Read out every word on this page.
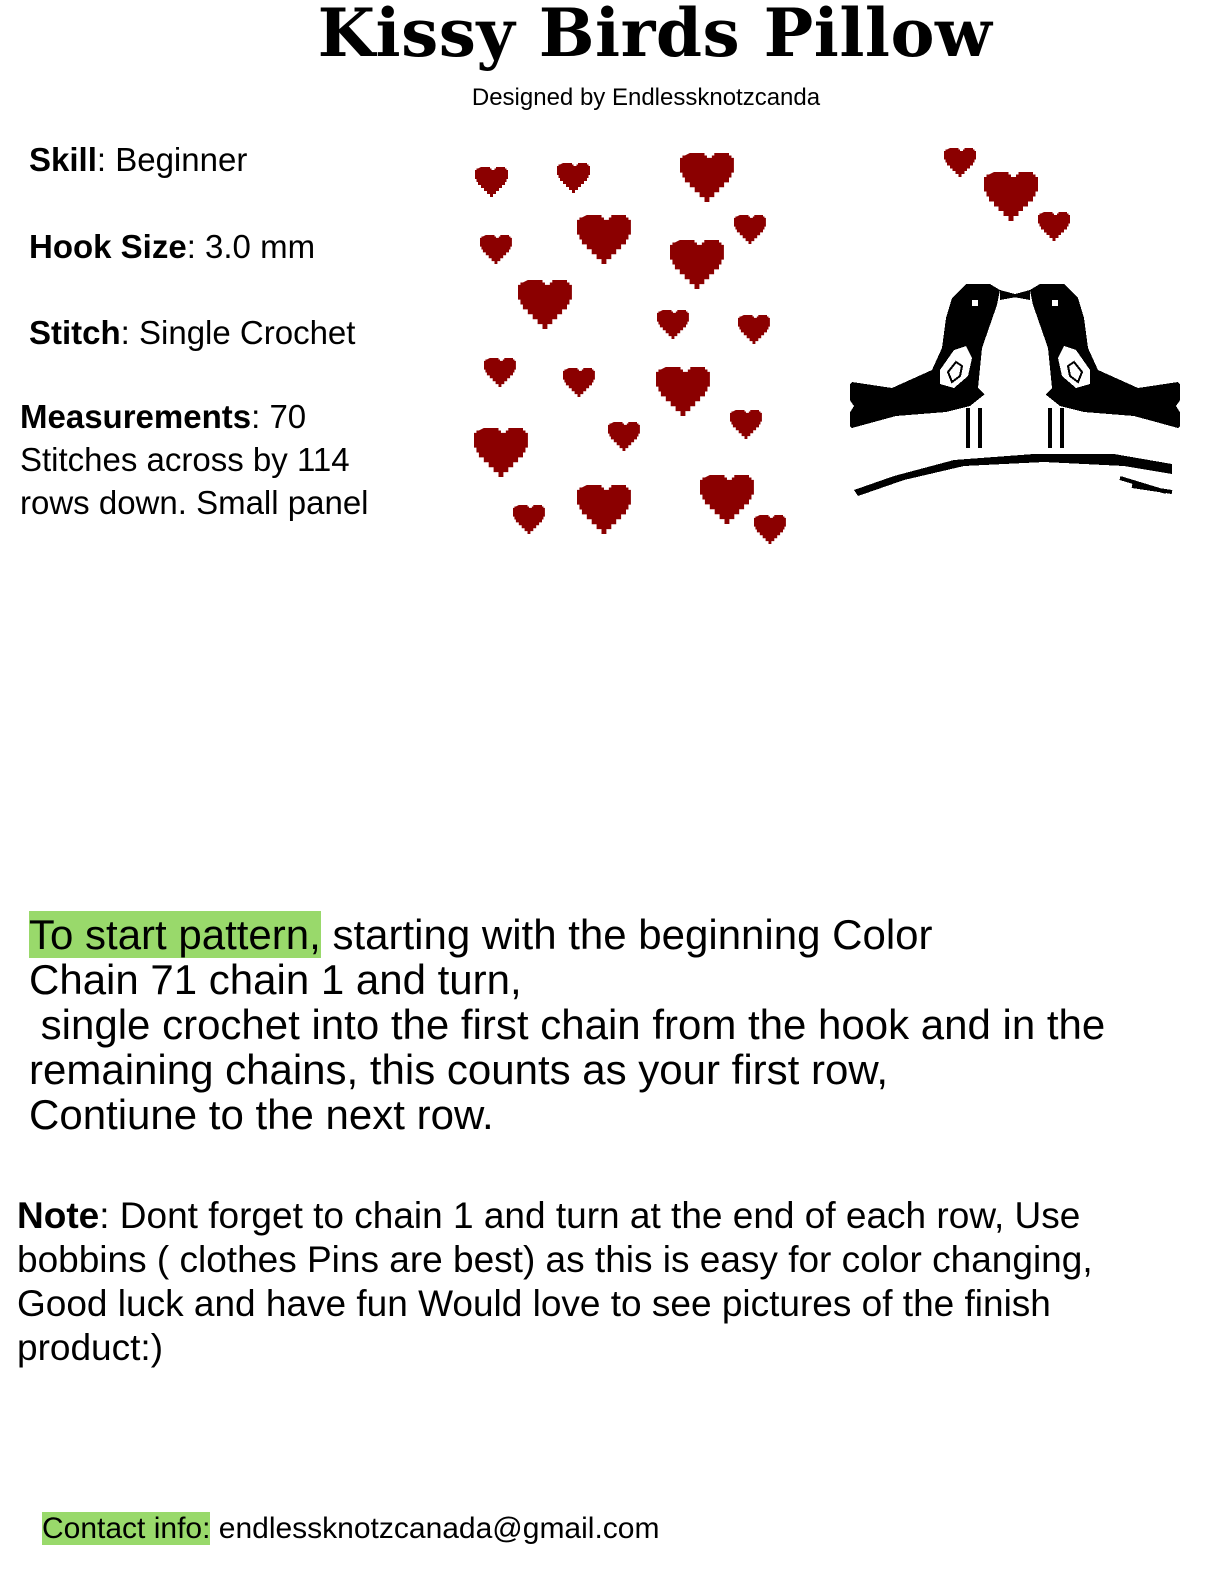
Kissy Birds Pillow
Designed by Endlessknotzcanda
Skill: Beginner
Hook Size: 3.0 mm
Stitch: Single Crochet
Measurements: 70 Stitches across by 114 rows down. Small panel
To start pattern, starting with the beginning Color
Chain 71 chain 1 and turn,
single crochet into the first chain from the hook and in the remaining chains, this counts as your first row,
Contiune to the next row.
Note: Dont forget to chain 1 and turn at the end of each row, Use bobbins ( clothes Pins are best) as this is easy for color changing, Good luck and have fun Would love to see pictures of the finish product:)
Contact info: endlessknotzcanada@gmail.com
